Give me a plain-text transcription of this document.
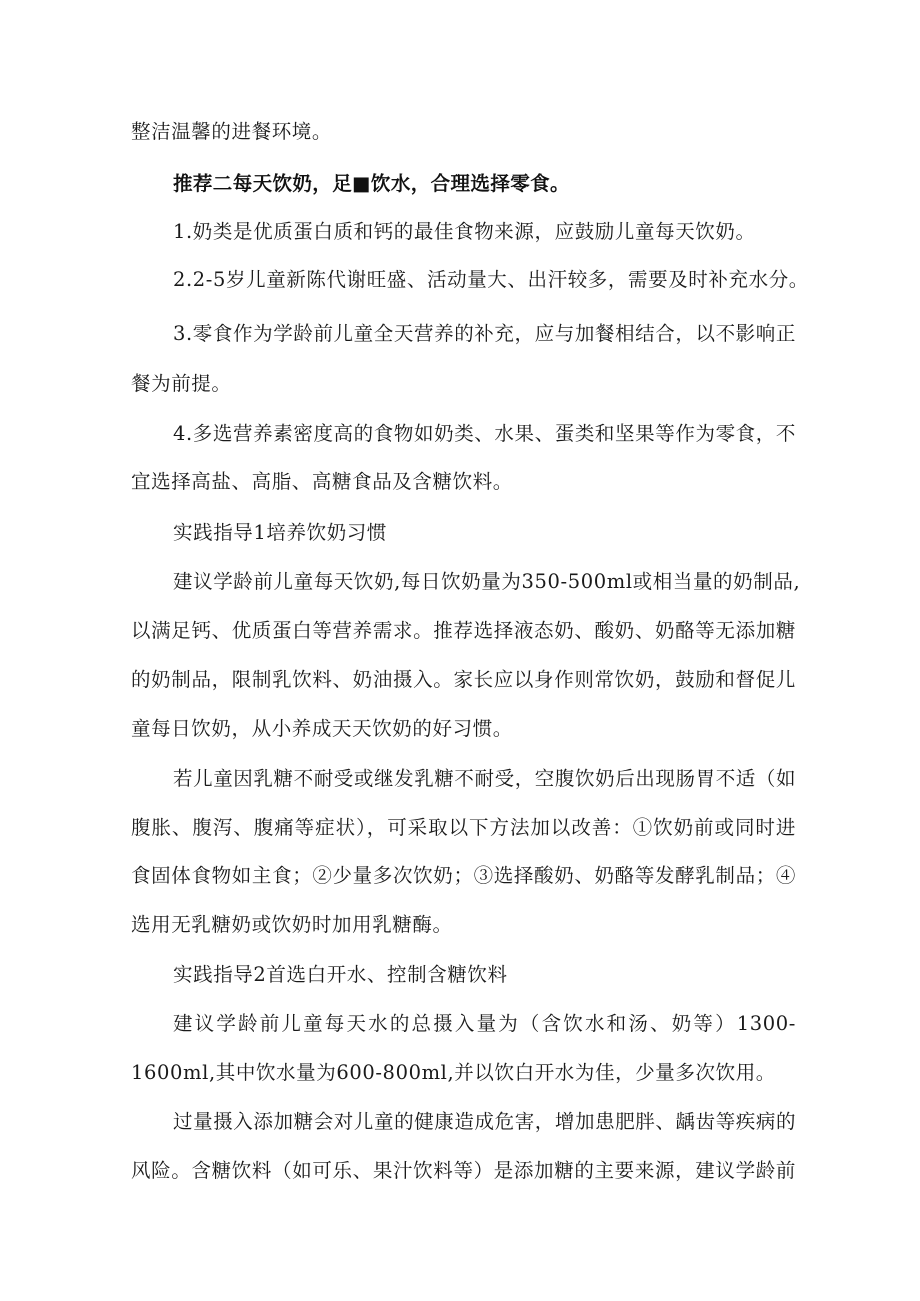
整洁温馨的进餐环境。
推荐二每天饮奶，足■饮水，合理选择零食。
1.奶类是优质蛋白质和钙的最佳食物来源，应鼓励儿童每天饮奶。
2.2-5岁儿童新陈代谢旺盛、活动量大、出汗较多，需要及时补充水分。
3.零食作为学龄前儿童全天营养的补充，应与加餐相结合，以不影响正
餐为前提。
4.多选营养素密度高的食物如奶类、水果、蛋类和坚果等作为零食，不
宜选择高盐、高脂、高糖食品及含糖饮料。
实践指导1培养饮奶习惯
建议学龄前儿童每天饮奶,每日饮奶量为350-500ml或相当量的奶制品,
以满足钙、优质蛋白等营养需求。推荐选择液态奶、酸奶、奶酪等无添加糖
的奶制品，限制乳饮料、奶油摄入。家长应以身作则常饮奶，鼓励和督促儿
童每日饮奶，从小养成天天饮奶的好习惯。
若儿童因乳糖不耐受或继发乳糖不耐受，空腹饮奶后出现肠胃不适（如
腹胀、腹泻、腹痛等症状），可采取以下方法加以改善：①饮奶前或同时进
食固体食物如主食；②少量多次饮奶；③选择酸奶、奶酪等发酵乳制品；④
选用无乳糖奶或饮奶时加用乳糖酶。
实践指导2首选白开水、控制含糖饮料
建议学龄前儿童每天水的总摄入量为（含饮水和汤、奶等）1300-
1600ml,其中饮水量为600-800ml,并以饮白开水为佳，少量多次饮用。
过量摄入添加糖会对儿童的健康造成危害，增加患肥胖、龋齿等疾病的
风险。含糖饮料（如可乐、果汁饮料等）是添加糖的主要来源，建议学龄前
